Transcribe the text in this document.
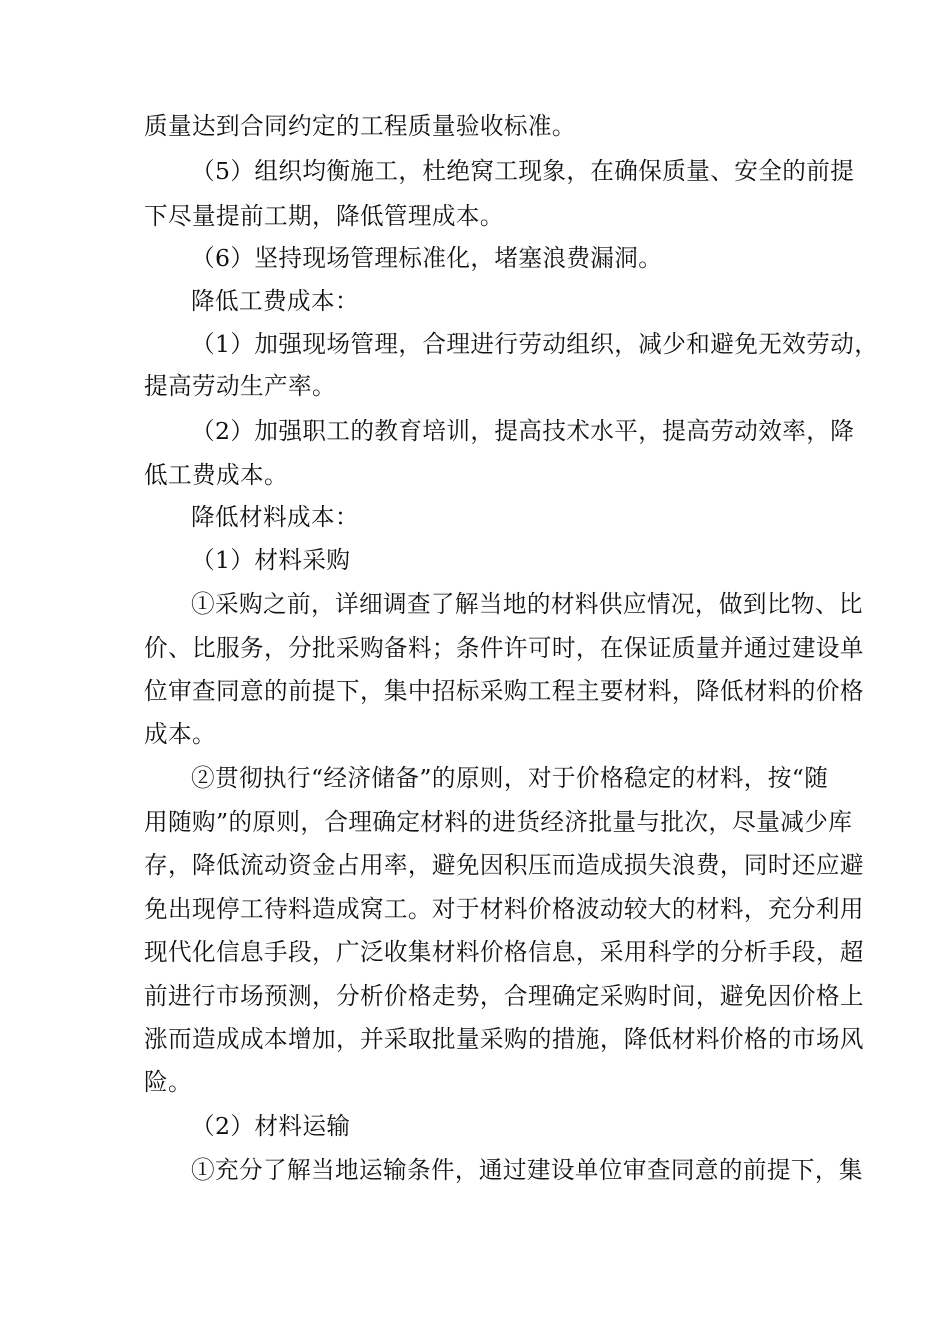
质量达到合同约定的工程质量验收标准。
（5）组织均衡施工，杜绝窝工现象，在确保质量、安全的前提
下尽量提前工期，降低管理成本。
（6）坚持现场管理标准化，堵塞浪费漏洞。
降低工费成本：
（1）加强现场管理，合理进行劳动组织，减少和避免无效劳动，
提高劳动生产率。
（2）加强职工的教育培训，提高技术水平，提高劳动效率，降
低工费成本。
降低材料成本：
（1）材料采购
①采购之前，详细调查了解当地的材料供应情况，做到比物、比
价、比服务，分批采购备料；条件许可时，在保证质量并通过建设单
位审查同意的前提下，集中招标采购工程主要材料，降低材料的价格
成本。
②贯彻执行“经济储备”的原则，对于价格稳定的材料，按“随
用随购”的原则，合理确定材料的进货经济批量与批次，尽量减少库
存，降低流动资金占用率，避免因积压而造成损失浪费，同时还应避
免出现停工待料造成窝工。对于材料价格波动较大的材料，充分利用
现代化信息手段，广泛收集材料价格信息，采用科学的分析手段，超
前进行市场预测，分析价格走势，合理确定采购时间，避免因价格上
涨而造成成本增加，并采取批量采购的措施，降低材料价格的市场风
险。
（2）材料运输
①充分了解当地运输条件，通过建设单位审查同意的前提下，集
